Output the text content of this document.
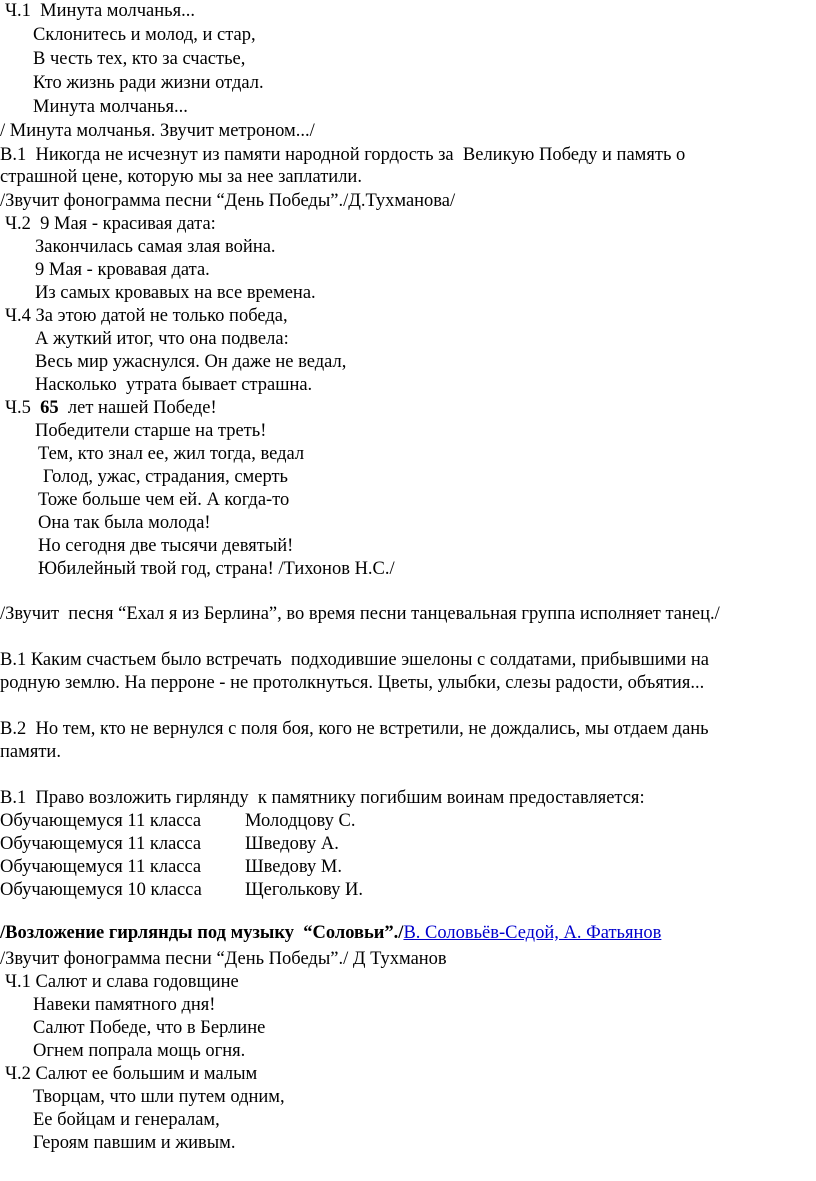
Ч.1  Минута молчанья...
Склонитесь и молод, и стар,
В честь тех, кто за счастье,
Кто жизнь ради жизни отдал.
Минута молчанья...
/ Минута молчанья. Звучит метроном.../
В.1  Никогда не исчезнут из памяти народной гордость за  Великую Победу и память о
страшной цене, которую мы за нее заплатили.
/Звучит фонограмма песни “День Победы”./Д.Тухманова/
Ч.2  9 Мая - красивая дата:
Закончилась самая злая война.
9 Мая - кровавая дата.
Из самых кровавых на все времена.
Ч.4 За этою датой не только победа,
А жуткий итог, что она подвела:
Весь мир ужаснулся. Он даже не ведал,
Насколько  утрата бывает страшна.
Ч.5  65  лет нашей Победе!
Победители старше на треть!
Тем, кто знал ее, жил тогда, ведал
Голод, ужас, страдания, смерть
Тоже больше чем ей. А когда-то
Она так была молода!
Но сегодня две тысячи девятый!
Юбилейный твой год, страна! /Тихонов Н.С./
/Звучит  песня “Ехал я из Берлина”, во время песни танцевальная группа исполняет танец./
В.1 Каким счастьем было встречать  подходившие эшелоны с солдатами, прибывшими на
родную землю. На перроне - не протолкнуться. Цветы, улыбки, слезы радости, объятия...
В.2  Но тем, кто не вернулся с поля боя, кого не встретили, не дождались, мы отдаем дань
памяти.
В.1  Право возложить гирлянду  к памятнику погибшим воинам предоставляется:
Обучающемуся 11 класса Молодцову С.
Обучающемуся 11 класса Шведову А.
Обучающемуся 11 класса Шведову М.
Обучающемуся 10 класса Щеголькову И.
/Возложение гирлянды под музыку  “Соловьи”./В. Соловьёв-Седой, А. Фатьянов
/Звучит фонограмма песни “День Победы”./ Д Тухманов
Ч.1 Салют и слава годовщине
Навеки памятного дня!
Салют Победе, что в Берлине
Огнем попрала мощь огня.
Ч.2 Салют ее большим и малым
Творцам, что шли путем одним,
Ее бойцам и генералам,
Героям павшим и живым.
